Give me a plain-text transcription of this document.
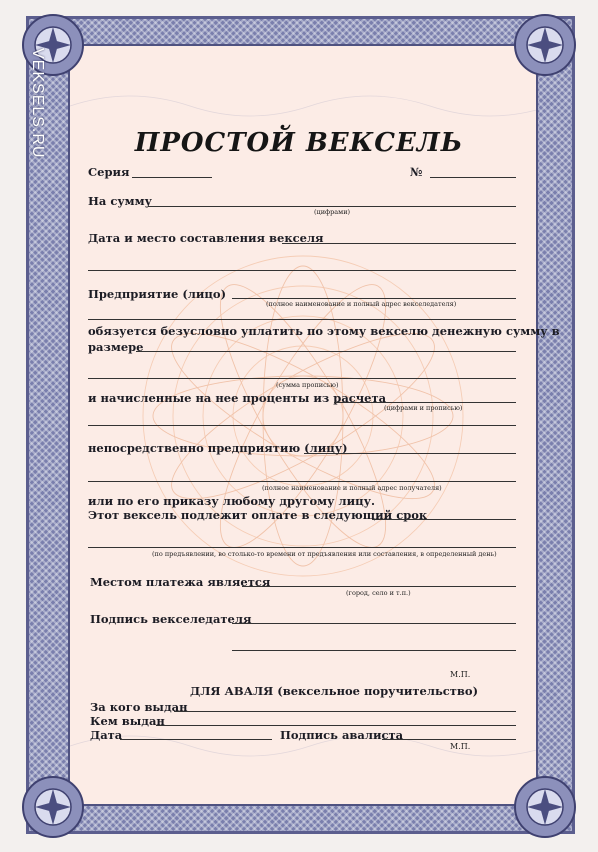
VEKSELS.RU	ПРОСТОЙ ВЕКСЕЛЬ
Серия	№
На сумму
(цифрами)
Дата и место составления векселя
Предприятие (лицо)
(полное наименование и полный адрес векселедателя)
обязуется безусловно уплатить по этому векселю денежную сумму в
размере
(сумма прописью)
и начисленные на нее проценты из расчета
(цифрами и прописью)
непосредственно предприятию (лицу)
(полное наименование и полный адрес получателя)
или по его приказу любому другому лицу.
Этот вексель подлежит оплате в следующий срок
(по предъявлении, во столько-то времени от предъявления или составления, в определенный день)
Местом платежа является
(город, село и т.п.)
Подпись векселедателя
М.П.
ДЛЯ АВАЛЯ (вексельное поручительство)
За кого выдан
Кем выдан
Дата	Подпись авалиста
М.П.
